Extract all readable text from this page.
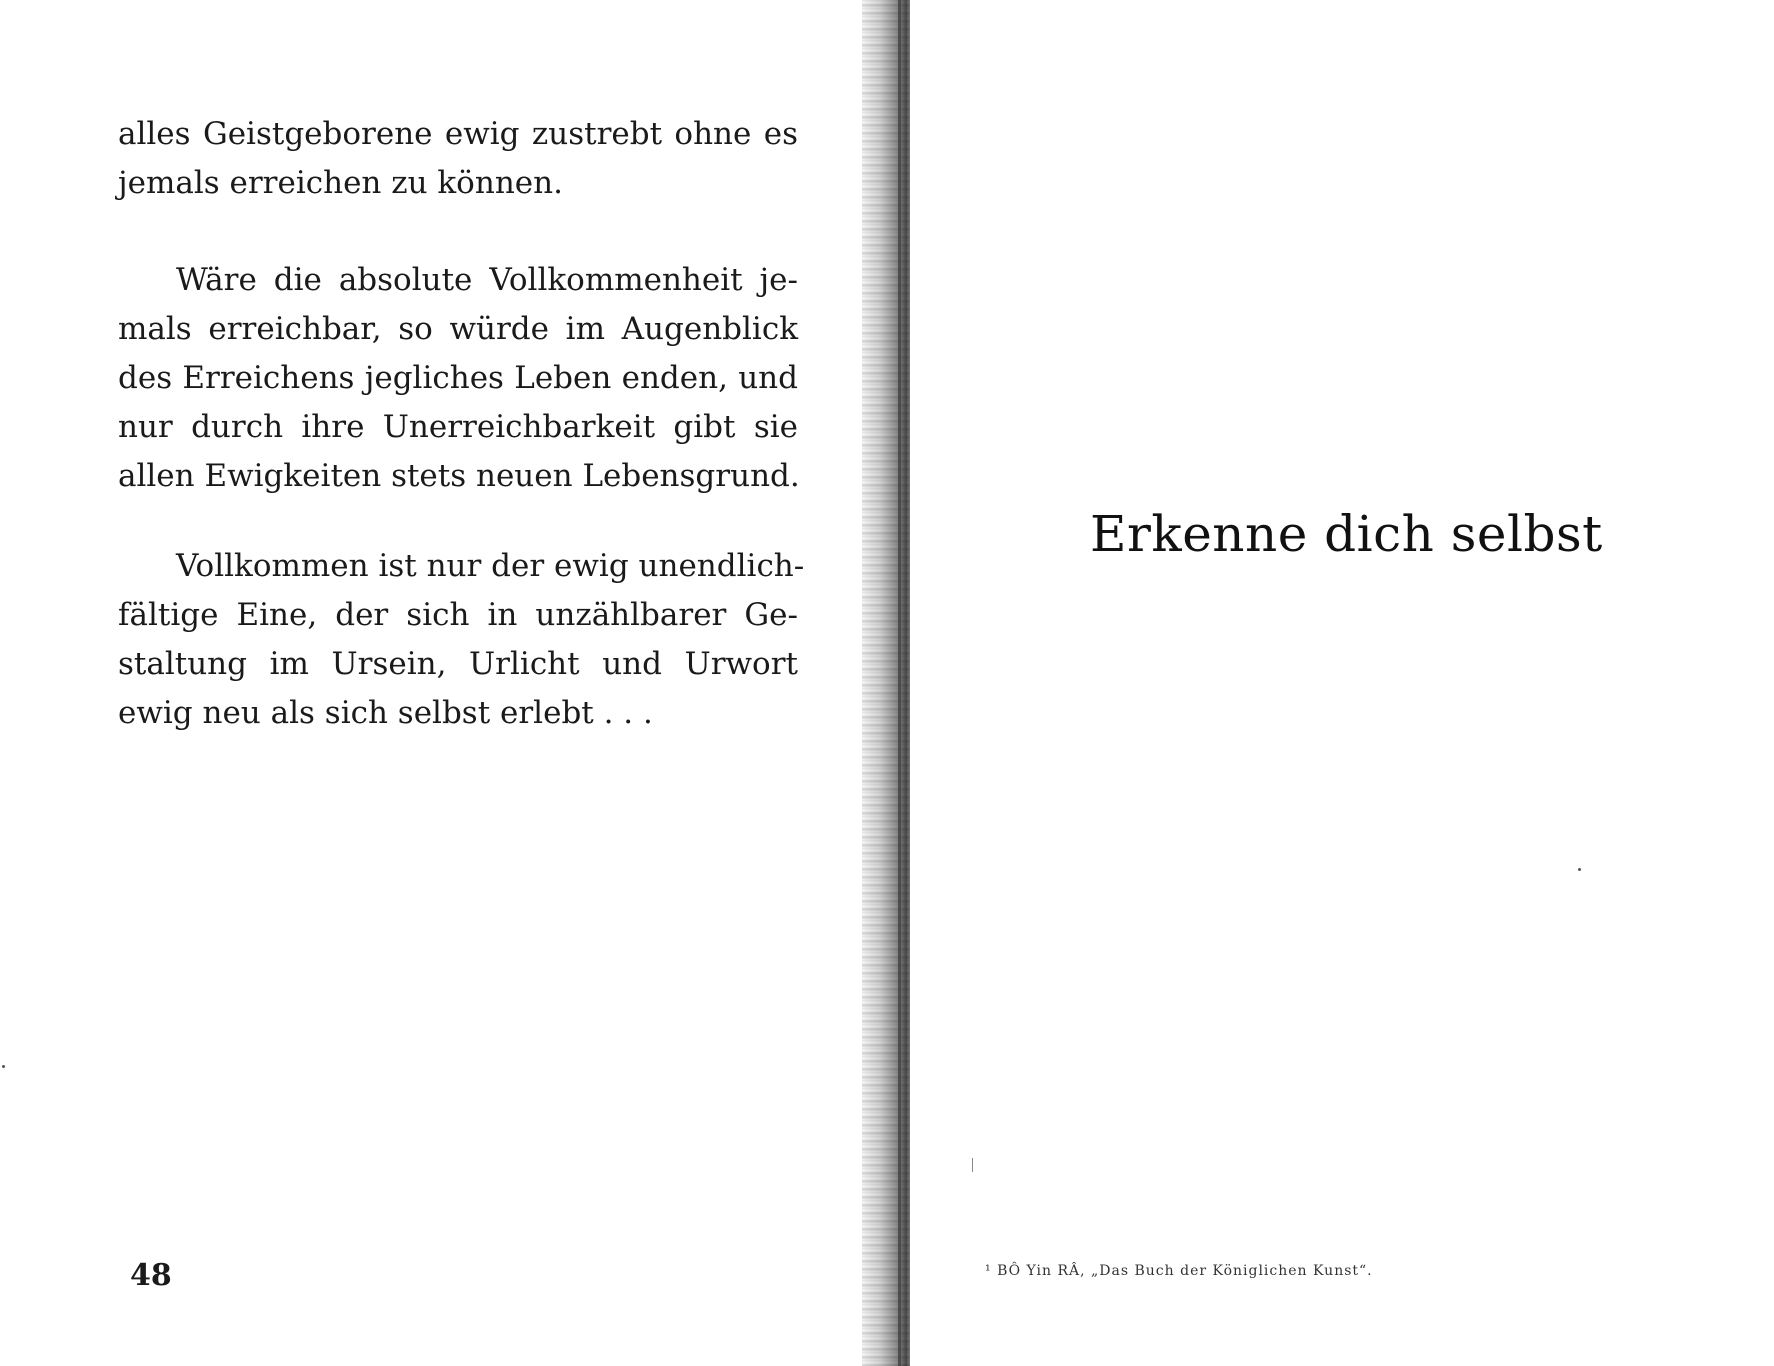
alles Geistgeborene ewig zustrebt ohne es
jemals erreichen zu können.
Wäre die absolute Vollkommenheit je-
mals erreichbar, so würde im Augenblick
des Erreichens jegliches Leben enden, und
nur durch ihre Unerreichbarkeit gibt sie
allen Ewigkeiten stets neuen Lebensgrund.
Vollkommen ist nur der ewig unendlich-
fältige Eine, der sich in unzählbarer Ge-
staltung im Ursein, Urlicht und Urwort
ewig neu als sich selbst erlebt . . .
48
Erkenne dich selbst
¹ BÔ Yin RÂ, „Das Buch der Königlichen Kunst“.
